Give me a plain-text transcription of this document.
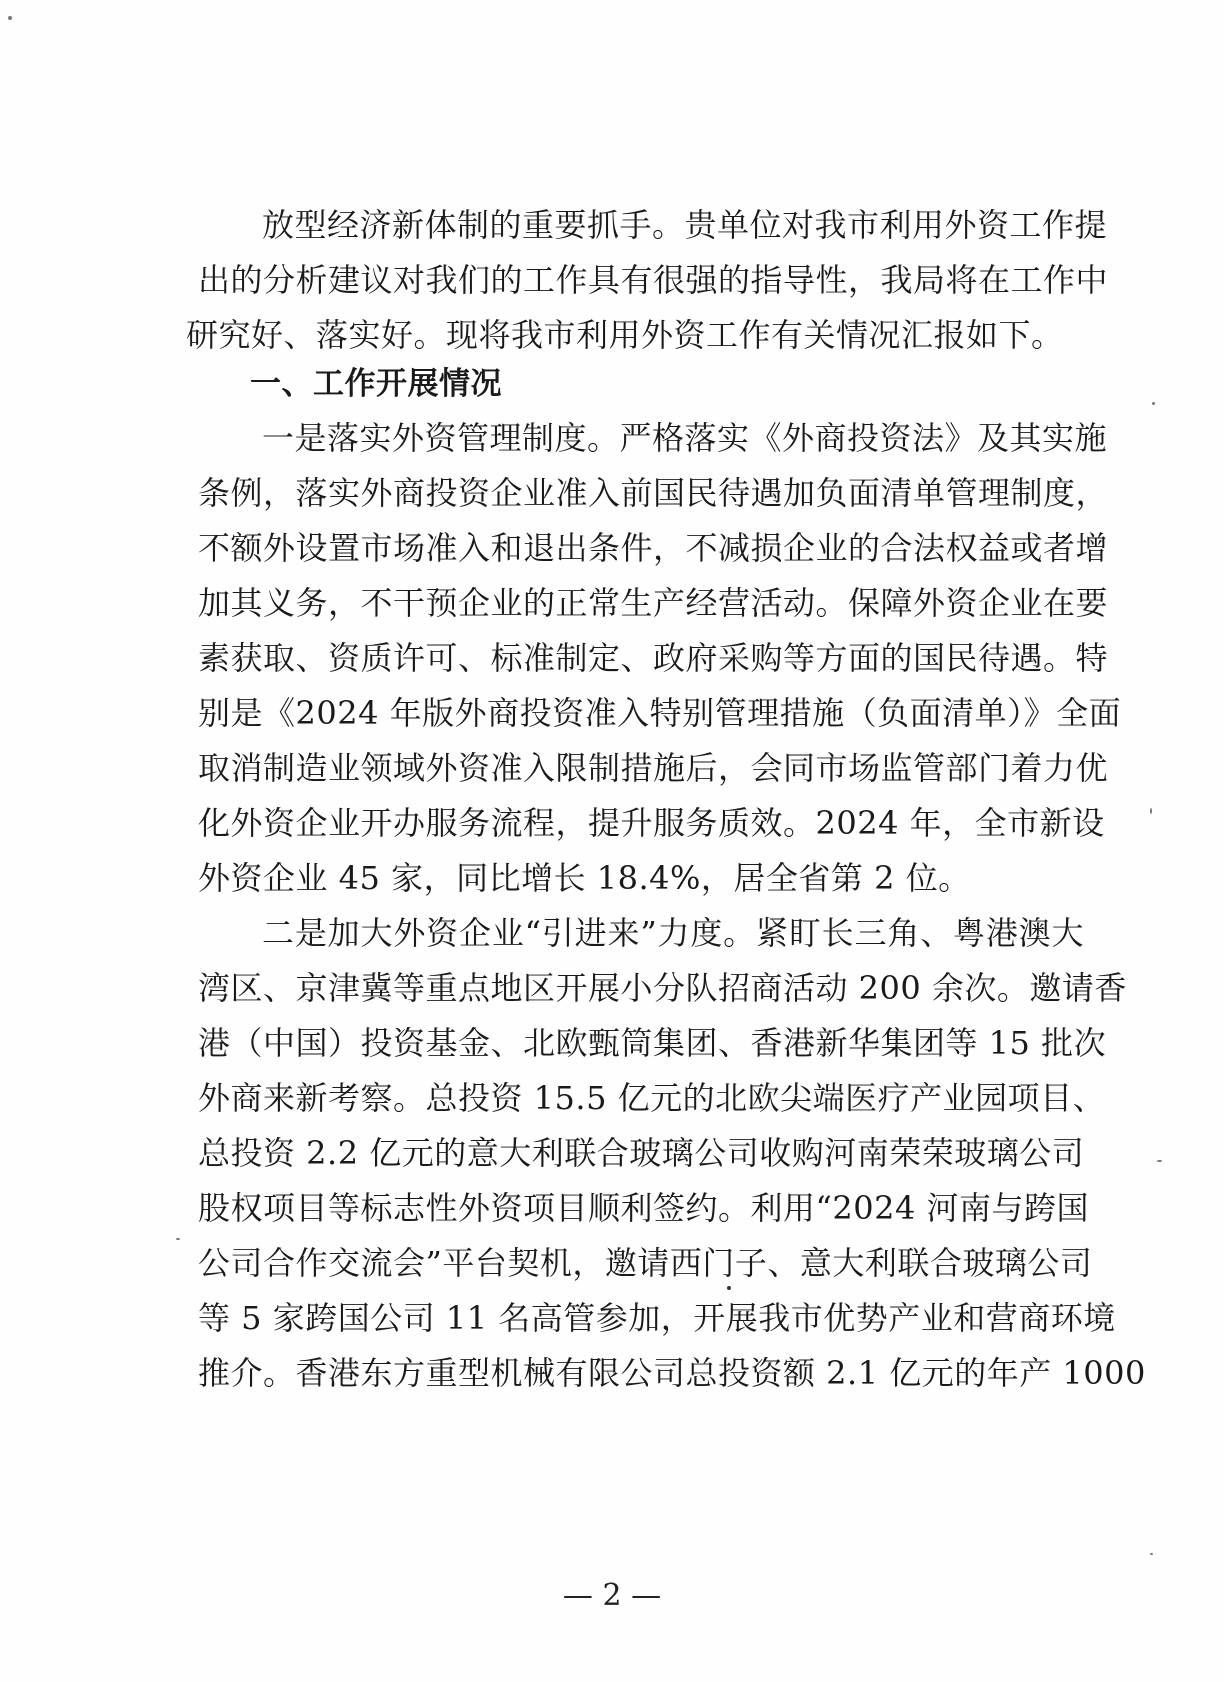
放型经济新体制的重要抓手。贵单位对我市利用外资工作提
出的分析建议对我们的工作具有很强的指导性，我局将在工作中
研究好、落实好。现将我市利用外资工作有关情况汇报如下。
一、工作开展情况
一是落实外资管理制度。严格落实《外商投资法》及其实施
条例，落实外商投资企业准入前国民待遇加负面清单管理制度，
不额外设置市场准入和退出条件，不减损企业的合法权益或者增
加其义务，不干预企业的正常生产经营活动。保障外资企业在要
素获取、资质许可、标准制定、政府采购等方面的国民待遇。特
别是《2024 年版外商投资准入特别管理措施（负面清单）》全面
取消制造业领域外资准入限制措施后，会同市场监管部门着力优
化外资企业开办服务流程，提升服务质效。2024 年，全市新设
外资企业 45 家，同比增长 18.4%，居全省第 2 位。
二是加大外资企业“引进来”力度。紧盯长三角、粤港澳大
湾区、京津冀等重点地区开展小分队招商活动 200 余次。邀请香
港（中国）投资基金、北欧甄筒集团、香港新华集团等 15 批次
外商来新考察。总投资 15.5 亿元的北欧尖端医疗产业园项目、
总投资 2.2 亿元的意大利联合玻璃公司收购河南荣荣玻璃公司
股权项目等标志性外资项目顺利签约。利用“2024 河南与跨国
公司合作交流会”平台契机，邀请西门子、意大利联合玻璃公司
等 5 家跨国公司 11 名高管参加，开展我市优势产业和营商环境
推介。香港东方重型机械有限公司总投资额 2.1 亿元的年产 1000
— 2 —
